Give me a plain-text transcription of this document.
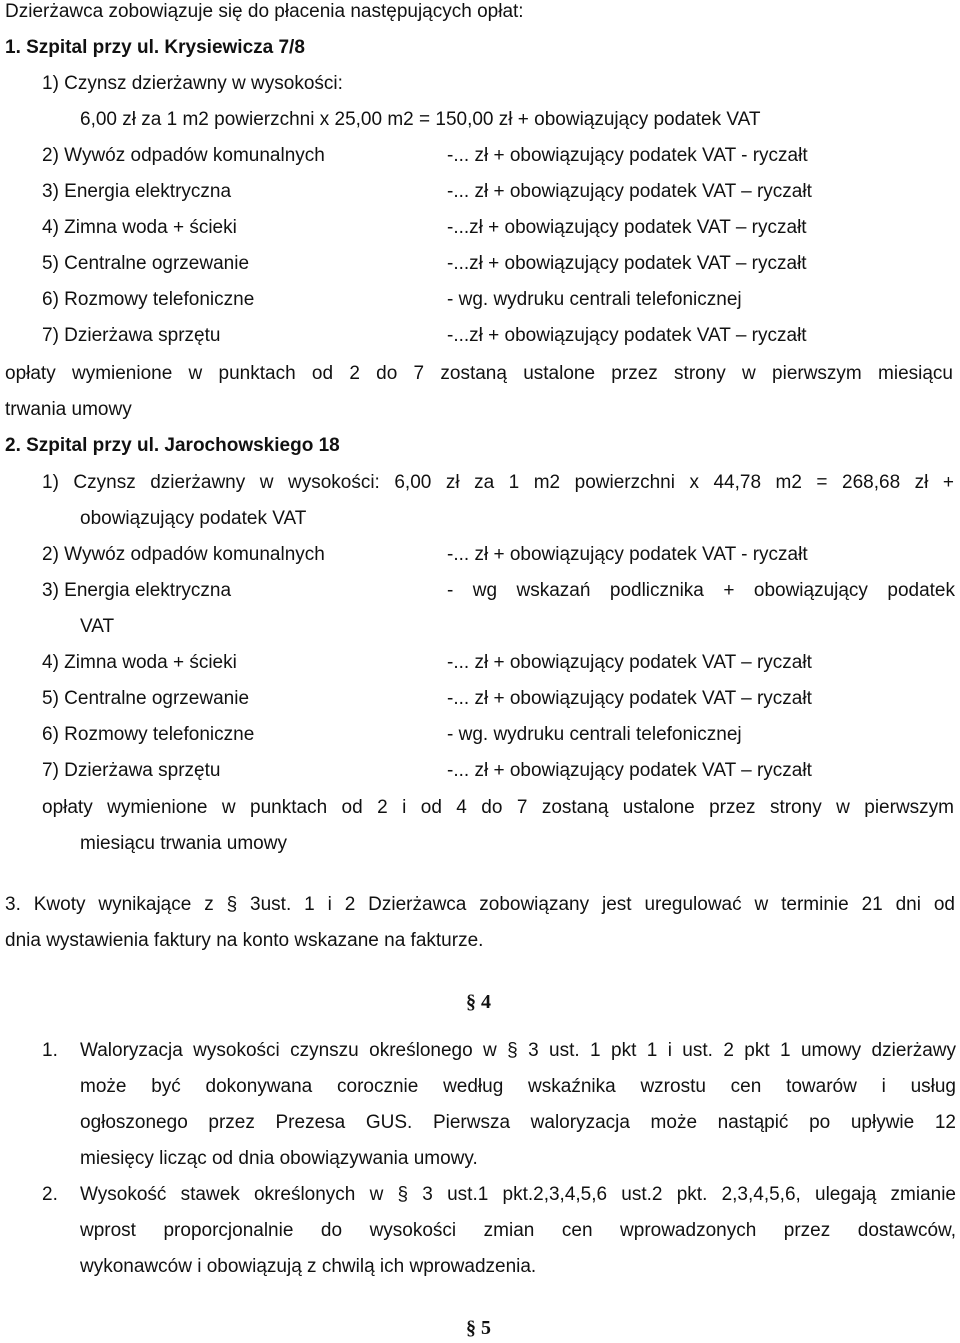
Dzierżawca zobowiązuje się do płacenia następujących opłat:
1. Szpital przy ul. Krysiewicza 7/8
1) Czynsz dzierżawny w wysokości:
6,00 zł za 1 m2 powierzchni x 25,00 m2 = 150,00 zł + obowiązujący podatek VAT
2) Wywóz odpadów komunalnych	-... zł + obowiązujący podatek VAT - ryczałt
3) Energia elektryczna	-... zł + obowiązujący podatek VAT – ryczałt
4) Zimna woda + ścieki	-...zł + obowiązujący podatek VAT – ryczałt
5) Centralne ogrzewanie	-...zł + obowiązujący podatek VAT – ryczałt
6) Rozmowy telefoniczne	- wg. wydruku centrali telefonicznej
7) Dzierżawa sprzętu	-...zł + obowiązujący podatek VAT – ryczałt
opłaty wymienione w punktach od 2 do 7 zostaną ustalone przez strony w pierwszym miesiącu
trwania umowy
2. Szpital przy ul. Jarochowskiego 18
1) Czynsz dzierżawny w wysokości: 6,00 zł za 1 m2 powierzchni x 44,78 m2 = 268,68 zł +
obowiązujący podatek VAT
2) Wywóz odpadów komunalnych	-... zł + obowiązujący podatek VAT - ryczałt
3) Energia elektryczna	- wg wskazań podlicznika + obowiązujący podatek
VAT
4) Zimna woda + ścieki	-... zł + obowiązujący podatek VAT – ryczałt
5) Centralne ogrzewanie	-... zł + obowiązujący podatek VAT – ryczałt
6) Rozmowy telefoniczne	- wg. wydruku centrali telefonicznej
7) Dzierżawa sprzętu	-... zł + obowiązujący podatek VAT – ryczałt
opłaty wymienione w punktach od 2 i od 4 do 7 zostaną ustalone przez strony w pierwszym
miesiącu trwania umowy
3. Kwoty wynikające z § 3ust. 1 i 2 Dzierżawca zobowiązany jest uregulować w terminie 21 dni od
dnia wystawienia faktury na konto wskazane na fakturze.
§ 4
1. Waloryzacja wysokości czynszu określonego w § 3 ust. 1 pkt 1 i ust. 2 pkt 1 umowy dzierżawy
może być dokonywana corocznie według wskaźnika wzrostu cen towarów i usług
ogłoszonego przez Prezesa GUS. Pierwsza waloryzacja może nastąpić po upływie 12
miesięcy licząc od dnia obowiązywania umowy.
2. Wysokość stawek określonych w § 3 ust.1 pkt.2,3,4,5,6 ust.2 pkt. 2,3,4,5,6, ulegają zmianie
wprost proporcjonalnie do wysokości zmian cen wprowadzonych przez dostawców,
wykonawców i obowiązują z chwilą ich wprowadzenia.
§ 5
